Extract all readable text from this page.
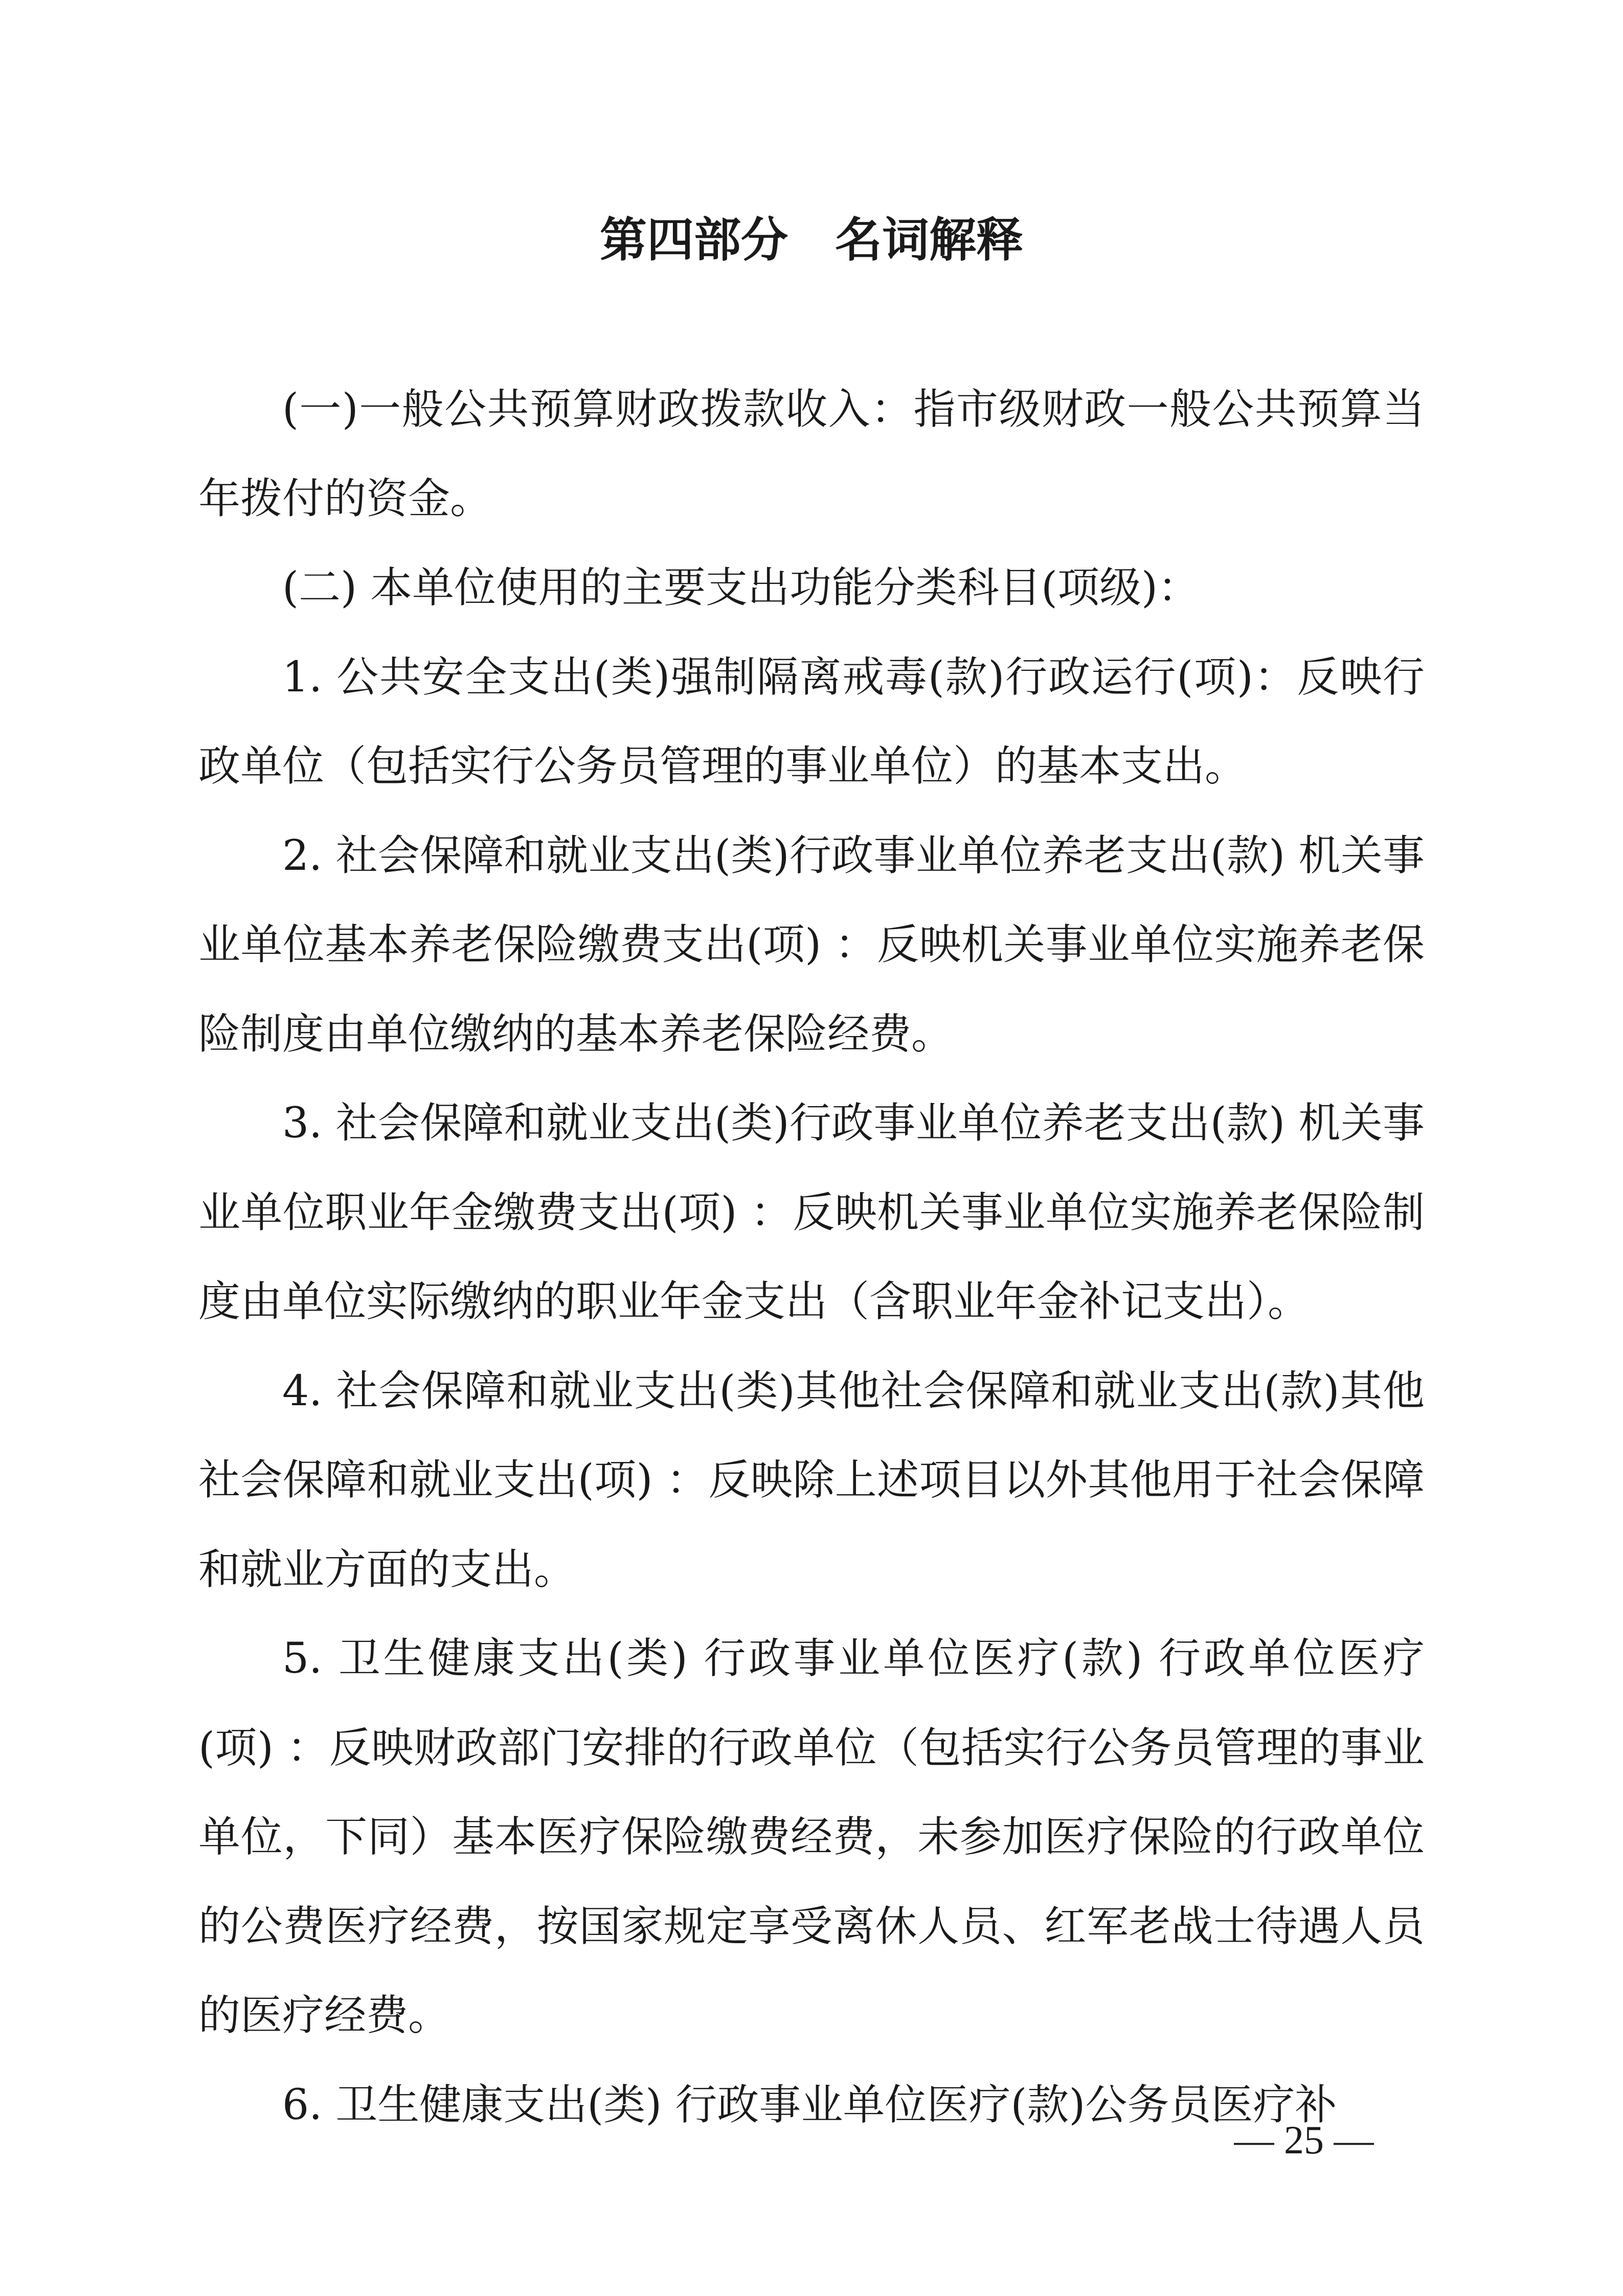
第四部分　名词解释

(一)一般公共预算财政拨款收入：指市级财政一般公共预算当年拨付的资金。

(二) 本单位使用的主要支出功能分类科目(项级)：

1. 公共安全支出(类)强制隔离戒毒(款)行政运行(项)：反映行政单位（包括实行公务员管理的事业单位）的基本支出。

2. 社会保障和就业支出(类)行政事业单位养老支出(款) 机关事业单位基本养老保险缴费支出(项) ：反映机关事业单位实施养老保险制度由单位缴纳的基本养老保险经费。

3. 社会保障和就业支出(类)行政事业单位养老支出(款) 机关事业单位职业年金缴费支出(项) ：反映机关事业单位实施养老保险制度由单位实际缴纳的职业年金支出（含职业年金补记支出）。

4. 社会保障和就业支出(类)其他社会保障和就业支出(款)其他社会保障和就业支出(项) ：反映除上述项目以外其他用于社会保障和就业方面的支出。

5. 卫生健康支出(类) 行政事业单位医疗(款) 行政单位医疗(项) ：反映财政部门安排的行政单位（包括实行公务员管理的事业单位，下同）基本医疗保险缴费经费，未参加医疗保险的行政单位的公费医疗经费，按国家规定享受离休人员、红军老战士待遇人员的医疗经费。

6. 卫生健康支出(类) 行政事业单位医疗(款)公务员医疗补

— 25 —
